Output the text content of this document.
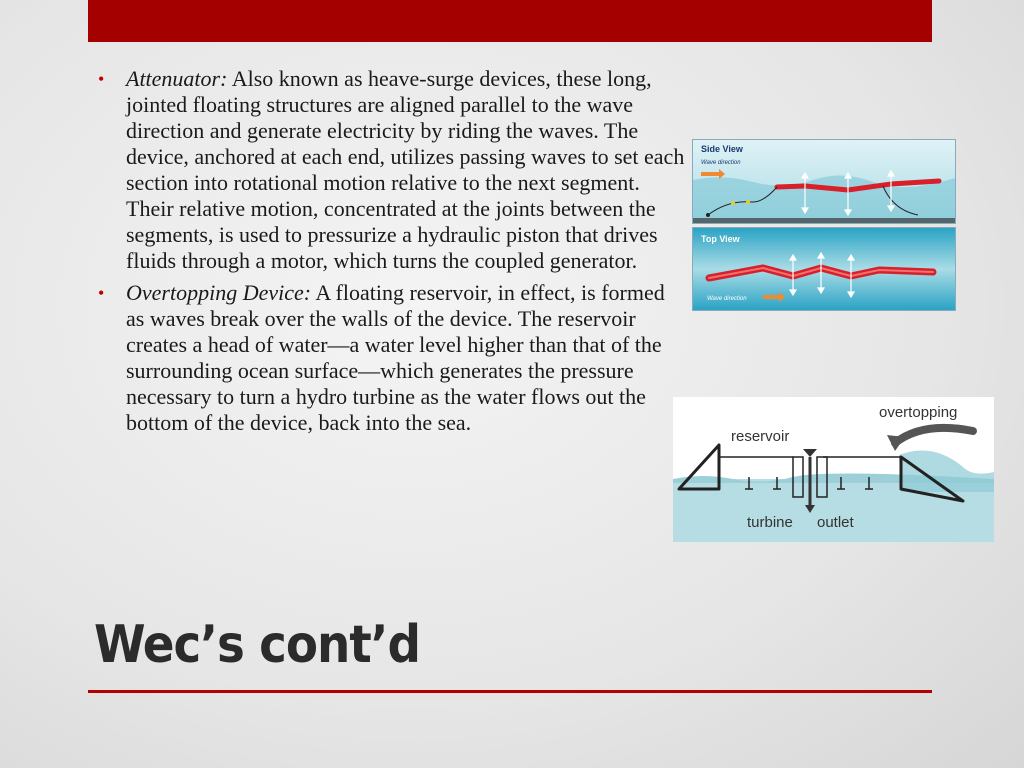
• Attenuator: Also known as heave-surge devices, these long, jointed floating structures are aligned parallel to the wave direction and generate electricity by riding the waves. The device, anchored at each end, utilizes passing waves to set each section into rotational motion relative to the next segment. Their relative motion, concentrated at the joints between the segments, is used to pressurize a hydraulic piston that drives fluids through a motor, which turns the coupled generator.
• Overtopping Device: A floating reservoir, in effect, is formed as waves break over the walls of the device. The reservoir creates a head of water—a water level higher than that of the surrounding ocean surface—which generates the pressure necessary to turn a hydro turbine as the water flows out the bottom of the device, back into the sea.
Side View
Wave direction
Top View
Wave direction
overtopping
reservoir
turbine outlet
Wec’s cont’d
